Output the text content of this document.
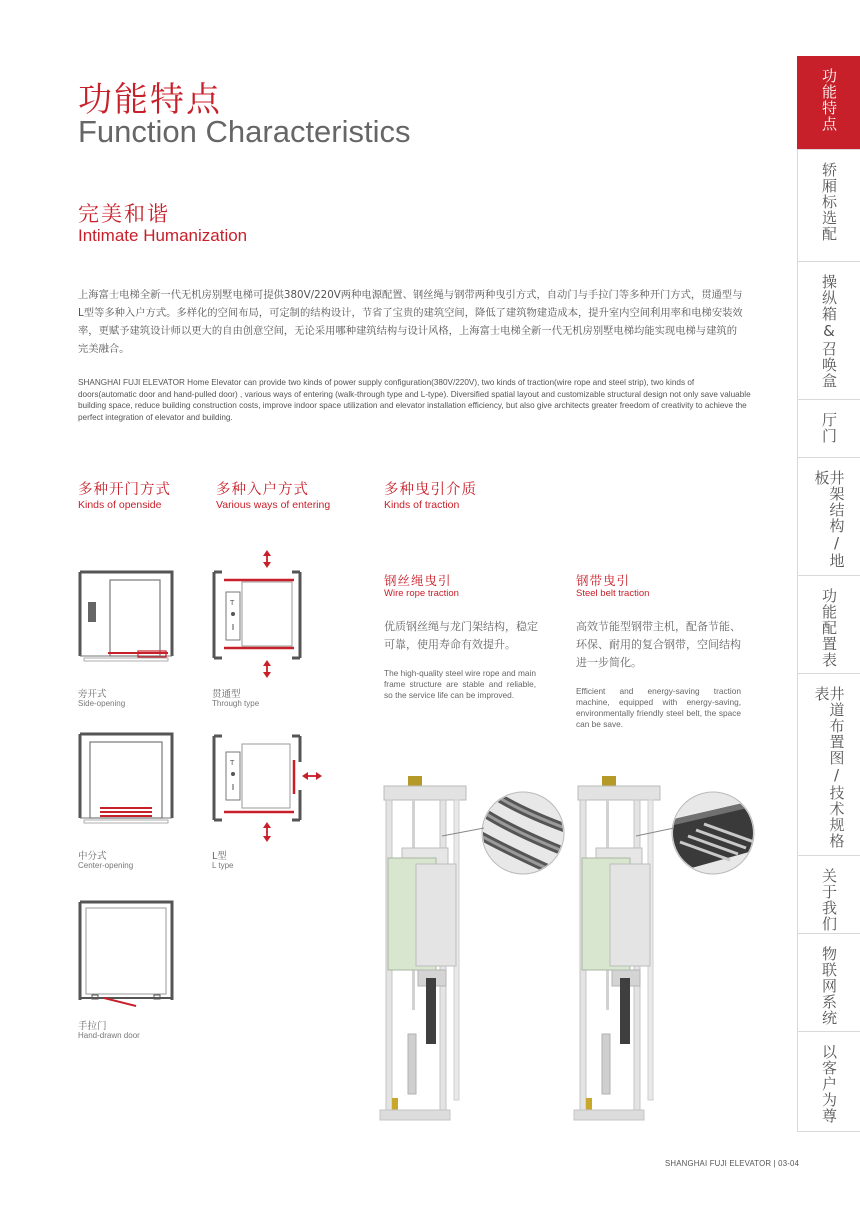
功能特点
Function Characteristics
完美和谐
Intimate Humanization
上海富士电梯全新一代无机房别墅电梯可提供380V/220V两种电源配置、钢丝绳与钢带两种曳引方式，自动门与手拉门等多种开门方式，贯通型与L型等多种入户方式。多样化的空间布局，可定制的结构设计，节省了宝贵的建筑空间，降低了建筑物建造成本，提升室内空间利用率和电梯安装效率，更赋予建筑设计师以更大的自由创意空间，无论采用哪种建筑结构与设计风格，上海富士电梯全新一代无机房别墅电梯均能实现电梯与建筑的完美融合。
SHANGHAI FUJI ELEVATOR Home Elevator can provide two kinds of power supply configuration(380V/220V), two kinds of traction(wire rope and steel strip), two kinds of doors(automatic door and hand-pulled door) , various ways of entering (walk-through type and L-type). Diversified spatial layout and customizable structural design not only save valuable building space, reduce building construction costs, improve indoor space utilization and elevator installation efficiency, but also give architects greater freedom of creativity to achieve the perfect integration of elevator and building.
多种开门方式
Kinds of openside
多种入户方式
Various ways of entering
多种曳引介质
Kinds of traction
旁开式
Side-opening
中分式
Center-opening
手拉门
Hand-drawn door
T
贯通型
Through type
T
L型
L type
钢丝绳曳引
Wire rope traction
优质钢丝绳与龙门架结构，稳定可靠，使用寿命有效提升。
The high-quality steel wire rope and main frame structure are stable and reliable, so the service life can be improved.
钢带曳引
Steel belt traction
高效节能型钢带主机，配备节能、环保、耐用的复合钢带，空间结构进一步简化。
Efficient and energy-saving traction machine, equipped with energy-saving, environmentally friendly steel belt, the space can be save.
功能特点
轿厢标选配
操纵箱&召唤盒
厅门
井架结构/地板
功能配置表
井道布置图/技术规格表
关于我们
物联网系统
以客户为尊
SHANGHAI FUJI ELEVATOR | 03-04
